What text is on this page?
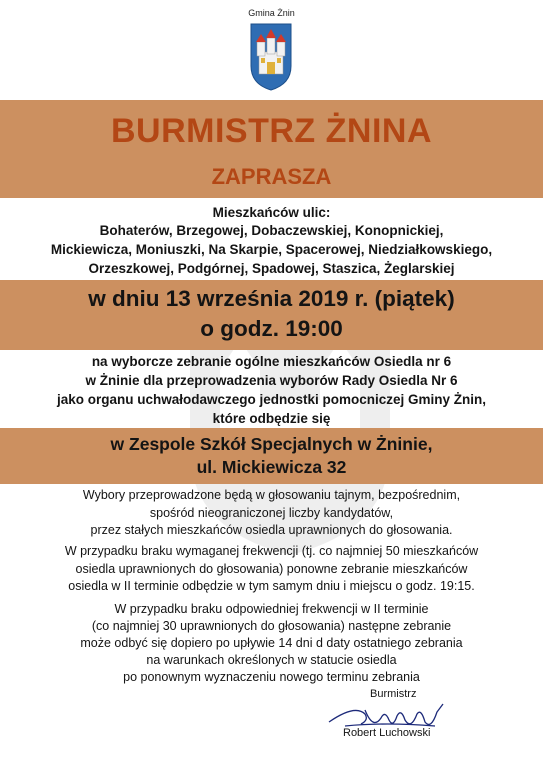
Gmina Żnin
BURMISTRZ ŻNINA
ZAPRASZA
Mieszkańców ulic:
Bohaterów, Brzegowej, Dobaczewskiej, Konopnickiej,
Mickiewicza, Moniuszki, Na Skarpie, Spacerowej, Niedziałkowskiego,
Orzeszkowej, Podgórnej, Spadowej, Staszica, Żeglarskiej
w dniu 13 września 2019 r. (piątek)
o godz. 19:00
na wyborcze zebranie ogólne mieszkańców Osiedla nr 6
w Żninie dla przeprowadzenia wyborów Rady Osiedla Nr 6
jako organu uchwałodawczego jednostki pomocniczej Gminy Żnin,
które odbędzie się
w Zespole Szkół Specjalnych w Żninie,
ul. Mickiewicza 32
Wybory przeprowadzone będą w głosowaniu tajnym, bezpośrednim,
spośród nieograniczonej liczby kandydatów,
przez stałych mieszkańców osiedla uprawnionych do głosowania.
W przypadku braku wymaganej frekwencji (tj. co najmniej 50 mieszkańców
osiedla uprawnionych do głosowania) ponowne zebranie mieszkańców
osiedla w II terminie odbędzie w tym samym dniu i miejscu o godz. 19:15.
W przypadku braku odpowiedniej frekwencji w II terminie
(co najmniej 30 uprawnionych do głosowania) następne zebranie
może odbyć się dopiero po upływie 14 dni d daty ostatniego zebrania
na warunkach określonych w statucie osiedla
po ponownym wyznaczeniu nowego terminu zebrania
Burmistrz
Robert Luchowski
